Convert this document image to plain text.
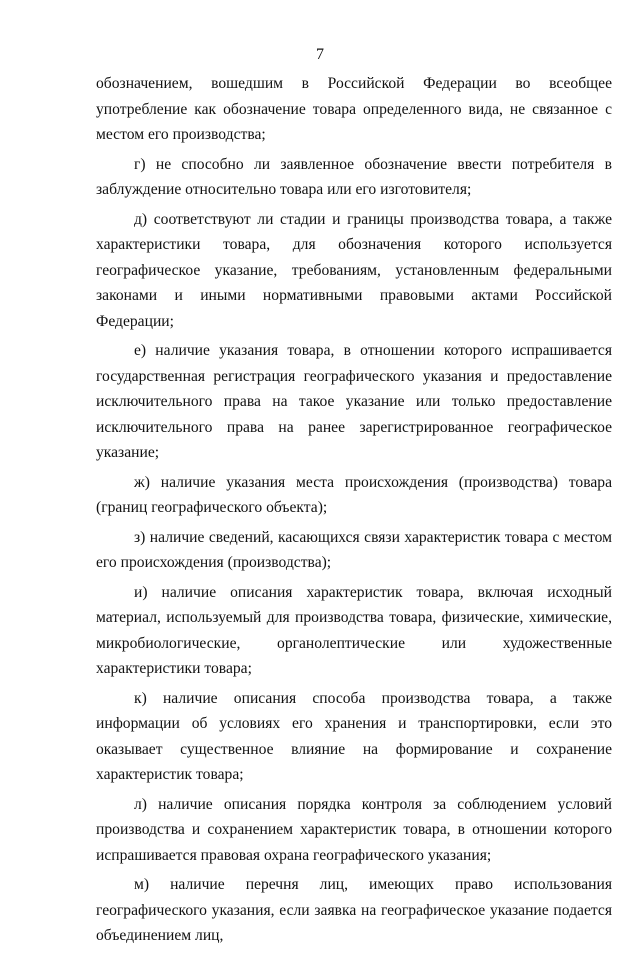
7

обозначением, вошедшим в Российской Федерации во всеобщее употребление как обозначение товара определенного вида, не связанное с местом его производства;

г) не способно ли заявленное обозначение ввести потребителя в заблуждение относительно товара или его изготовителя;

д) соответствуют ли стадии и границы производства товара, а также характеристики товара, для обозначения которого используется географическое указание, требованиям, установленным федеральными законами и иными нормативными правовыми актами Российской Федерации;

е) наличие указания товара, в отношении которого испрашивается государственная регистрация географического указания и предоставление исключительного права на такое указание или только предоставление исключительного права на ранее зарегистрированное географическое указание;

ж) наличие указания места происхождения (производства) товара (границ географического объекта);

з) наличие сведений, касающихся связи характеристик товара с местом его происхождения (производства);

и) наличие описания характеристик товара, включая исходный материал, используемый для производства товара, физические, химические, микробиологические, органолептические или художественные характеристики товара;

к) наличие описания способа производства товара, а также информации об условиях его хранения и транспортировки, если это оказывает существенное влияние на формирование и сохранение характеристик товара;

л) наличие описания порядка контроля за соблюдением условий производства и сохранением характеристик товара, в отношении которого испрашивается правовая охрана географического указания;

м) наличие перечня лиц, имеющих право использования географического указания, если заявка на географическое указание подается объединением лиц,
